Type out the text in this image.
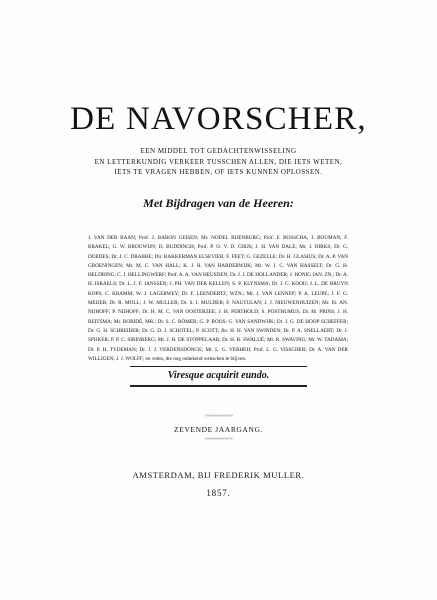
DE NAVORSCHER,
EEN MIDDEL TOT GEDACHTENWISSELING
EN LETTERKUNDIG VERKEER TUSSCHEN ALLEN, DIE IETS WETEN,
IETS TE VRAGEN HEBBEN, OF IETS KUNNEN OPLOSSEN.
Met Bijdragen van de Heeren:
J. VAN DER BAAN; Prof. J. BARON GEISEN; Mr. NODEL BIJENBURG; Prof. F. BOSSCHA; J. BOUMAN; F. BRAKEL; G. W. BROUWIJN; D. BUDDINGH; Prof. P. O. V. D. CHIJS; J. H. VAN DALE; Mr. J. DIRKS; Dr. G. DOEDES; Dr. J. C. DRABBE; Dir. BAKKERMAN ELSEVIER; F. FEET; G. GEZELLE; Dr. H. GLASIUS; Dr. A. P. VAN GROENINGEN; Mr. M. C. VAN HALL; K. J. R. VAN HARDERWIJK; Mr. W. J. C. VAN HASSELT; Dr. G. H. HELDRING; C. J. HELLINGWERF; Prof. A. A. VAN HEUSDEN; Dr. J. J. DE HOLLANDER; J. HONIG JAN. ZN.; Dr. A. H. ISRAELS; Dr. L. J. F. JANSSEN; J. PH. VAN DER KELLEN; S. P. KLYNSMA; Dr. J. C. KOOIJ; J. L. DE BRUYN KOPS; C. KRAMM; W. J. LAGERWEY; Dr. F. LEENDERTZ, WZN.; Mr. J. VAN LENNEP; P. A. LEUPE; J. F. G. MEIJER; Dr. R. MOLL; J. W. MULLER; Dr. S. I. MULDER; F. NAUTULAN; J. J. NIEUWENHUIZEN; Mr. IS. AN. NIJHOFF; P. NIJHOFF; Dr. H. M. C. VAN OOSTERZEE; J. H. PERTHOLD; S. POSTHUMUS; Dr. M. PRINS; J. H. REITSMA; Mr. ROBIDÉ, MR.; Dr. S. C. RÖMER; G. P. ROOS; G. VAN SANDWIJK; Dr. J. G. DE HOOP SCHEFFER; Dr. G. H. SCHREIBER; Dr. G. D. J. SCHOTEL; P. SCOTT; Jhr. H. H. VAN SWINDEN; Dr. P. A. SNELLAERT; Dr. J. SPIJKER; P. P. C. SIBINBERG; Mr. J. H. DE STOPPELAAR; Dr. H. B. SWALUË; Mr. R. SWAVING; Mr. W. TADAMA; Dr. P. H. TYDEMAN; Dr. J. J. VERDENSDONCK; Mr. L. G. VERHEIJ; Prof. L. G. VISSCHER; Dr. A. VAN DER WILLIGEN; J. J. WOLFF; en velen, die nog onbekend wenschen te blijven.
Viresque acquirit eundo.
〰〰〰〰〰
ZEVENDE JAARGANG.
〰〰〰〰〰
AMSTERDAM, BIJ FREDERIK MULLER.
1857.
